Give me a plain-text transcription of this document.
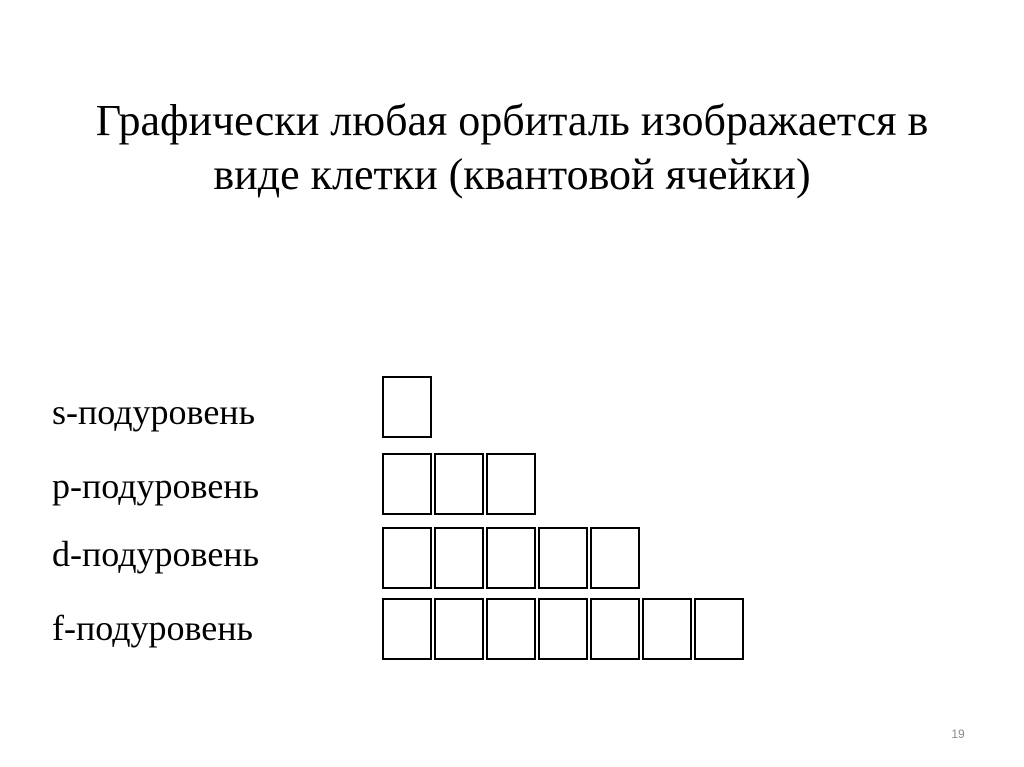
Графически любая орбиталь изображается в
виде клетки (квантовой ячейки)
s-подуровень
p-подуровень
d-подуровень
f-подуровень
19
